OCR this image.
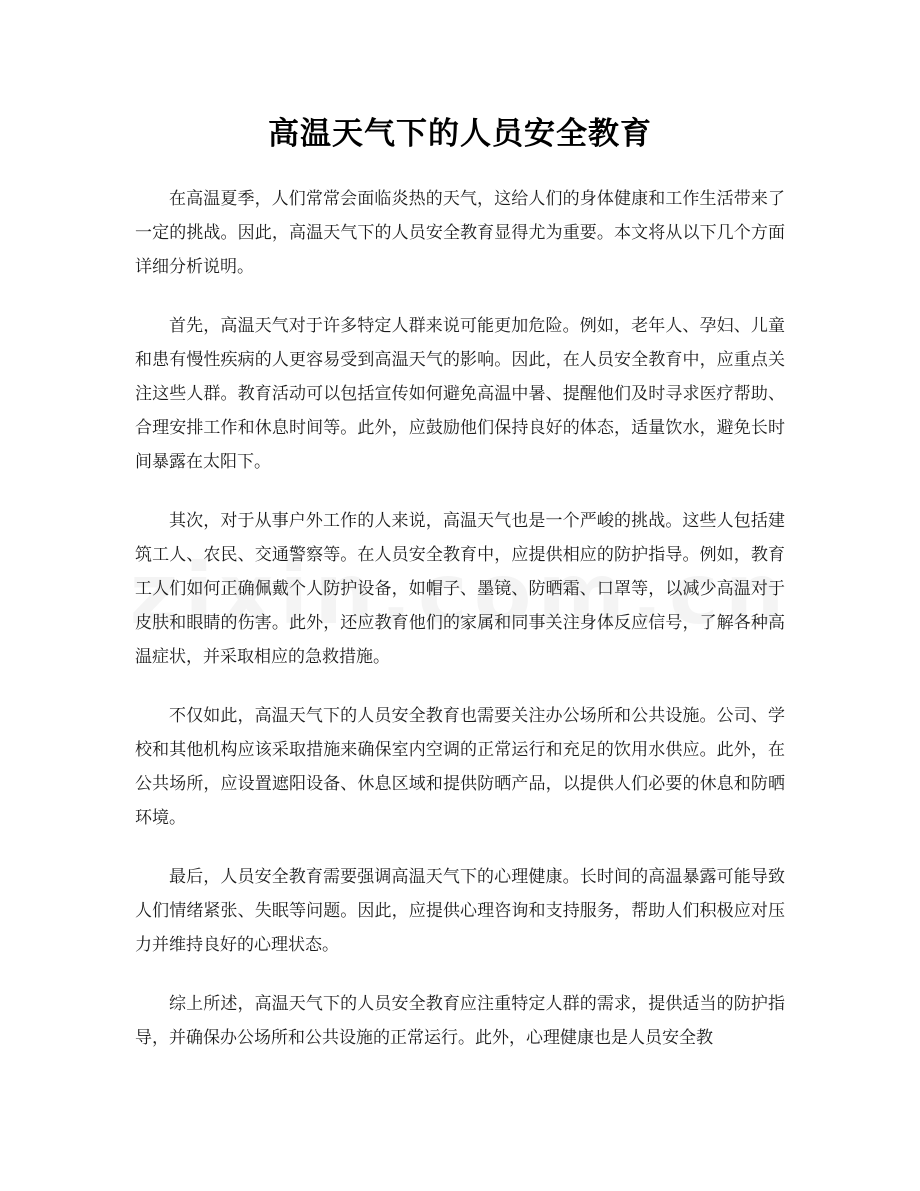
高温天气下的人员安全教育

在高温夏季，人们常常会面临炎热的天气，这给人们的身体健康和工作生活带来了一定的挑战。因此，高温天气下的人员安全教育显得尤为重要。本文将从以下几个方面详细分析说明。

首先，高温天气对于许多特定人群来说可能更加危险。例如，老年人、孕妇、儿童和患有慢性疾病的人更容易受到高温天气的影响。因此，在人员安全教育中，应重点关注这些人群。教育活动可以包括宣传如何避免高温中暑、提醒他们及时寻求医疗帮助、合理安排工作和休息时间等。此外，应鼓励他们保持良好的体态，适量饮水，避免长时间暴露在太阳下。

其次，对于从事户外工作的人来说，高温天气也是一个严峻的挑战。这些人包括建筑工人、农民、交通警察等。在人员安全教育中，应提供相应的防护指导。例如，教育工人们如何正确佩戴个人防护设备，如帽子、墨镜、防晒霜、口罩等，以减少高温对于皮肤和眼睛的伤害。此外，还应教育他们的家属和同事关注身体反应信号，了解各种高温症状，并采取相应的急救措施。

不仅如此，高温天气下的人员安全教育也需要关注办公场所和公共设施。公司、学校和其他机构应该采取措施来确保室内空调的正常运行和充足的饮用水供应。此外，在公共场所，应设置遮阳设备、休息区域和提供防晒产品，以提供人们必要的休息和防晒环境。

最后，人员安全教育需要强调高温天气下的心理健康。长时间的高温暴露可能导致人们情绪紧张、失眠等问题。因此，应提供心理咨询和支持服务，帮助人们积极应对压力并维持良好的心理状态。

综上所述，高温天气下的人员安全教育应注重特定人群的需求，提供适当的防护指导，并确保办公场所和公共设施的正常运行。此外，心理健康也是人员安全教
